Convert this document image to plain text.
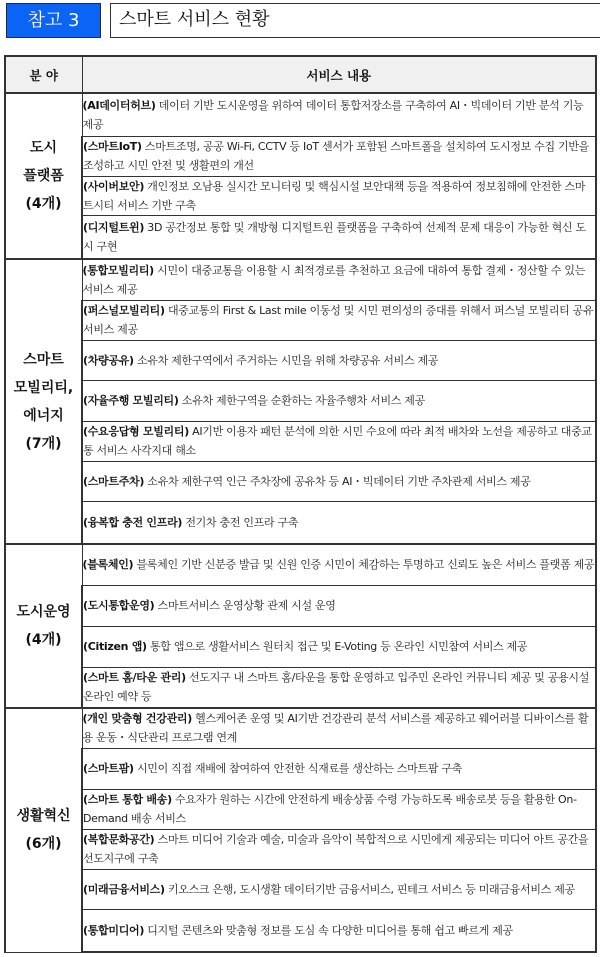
참고 3	스마트 서비스 현황
분 야	서비스 내용

도시
플랫폼
(4개)	(AI데이터허브) 데이터 기반 도시운영을 위하여 데이터 통합저장소를 구축하여 AI・빅데이터 기반 분석 기능 제공
	(스마트IoT) 스마트조명, 공공 Wi-Fi, CCTV 등 IoT 센서가 포함된 스마트폴을 설치하여 도시정보 수집 기반을 조성하고 시민 안전 및 생활편의 개선
	(사이버보안) 개인정보 오남용 실시간 모니터링 및 핵심시설 보안대책 등을 적용하여 정보침해에 안전한 스마트시티 서비스 기반 구축
	(디지털트윈) 3D 공간정보 통합 및 개방형 디지털트윈 플랫폼을 구축하여 선제적 문제 대응이 가능한 혁신 도시 구현

스마트
모빌리티,
에너지
(7개)	(통합모빌리티) 시민이 대중교통을 이용할 시 최적경로를 추천하고 요금에 대하여 통합 결제・정산할 수 있는 서비스 제공
	(퍼스널모빌리티) 대중교통의 First & Last mile 이동성 및 시민 편의성의 증대를 위해서 퍼스널 모빌리티 공유 서비스 제공
	(차량공유) 소유차 제한구역에서 주거하는 시민을 위해 차량공유 서비스 제공
	(자율주행 모빌리티) 소유차 제한구역을 순환하는 자율주행차 서비스 제공
	(수요응답형 모빌리티) AI기반 이용자 패턴 분석에 의한 시민 수요에 따라 최적 배차와 노선을 제공하고 대중교통 서비스 사각지대 해소
	(스마트주차) 소유차 제한구역 인근 주차장에 공유차 등 AI・빅데이터 기반 주차관제 서비스 제공
	(융복합 충전 인프라) 전기차 충전 인프라 구축

도시운영
(4개)	(블록체인) 블록체인 기반 신분증 발급 및 신원 인증 시민이 체감하는 투명하고 신뢰도 높은 서비스 플랫폼 제공
	(도시통합운영) 스마트서비스 운영상황 관제 시설 운영
	(Citizen 앱) 통합 앱으로 생활서비스 원터치 접근 및 E-Voting 등 온라인 시민참여 서비스 제공
	(스마트 홈/타운 관리) 선도지구 내 스마트 홈/타운을 통합 운영하고 입주민 온라인 커뮤니티 제공 및 공용시설 온라인 예약 등

생활혁신
(6개)	(개인 맞춤형 건강관리) 헬스케어존 운영 및 AI기반 건강관리 분석 서비스를 제공하고 웨어러블 디바이스를 활용 운동・식단관리 프로그램 연계
	(스마트팜) 시민이 직접 재배에 참여하여 안전한 식재료를 생산하는 스마트팜 구축
	(스마트 통합 배송) 수요자가 원하는 시간에 안전하게 배송상품 수령 가능하도록 배송로봇 등을 활용한 On-Demand 배송 서비스
	(복합문화공간) 스마트 미디어 기술과 예술, 미술과 음악이 복합적으로 시민에게 제공되는 미디어 아트 공간을 선도지구에 구축
	(미래금융서비스) 키오스크 은행, 도시생활 데이터기반 금융서비스, 핀테크 서비스 등 미래금융서비스 제공
	(통합미디어) 디지털 콘텐츠와 맞춤형 정보를 도심 속 다양한 미디어를 통해 쉽고 빠르게 제공
